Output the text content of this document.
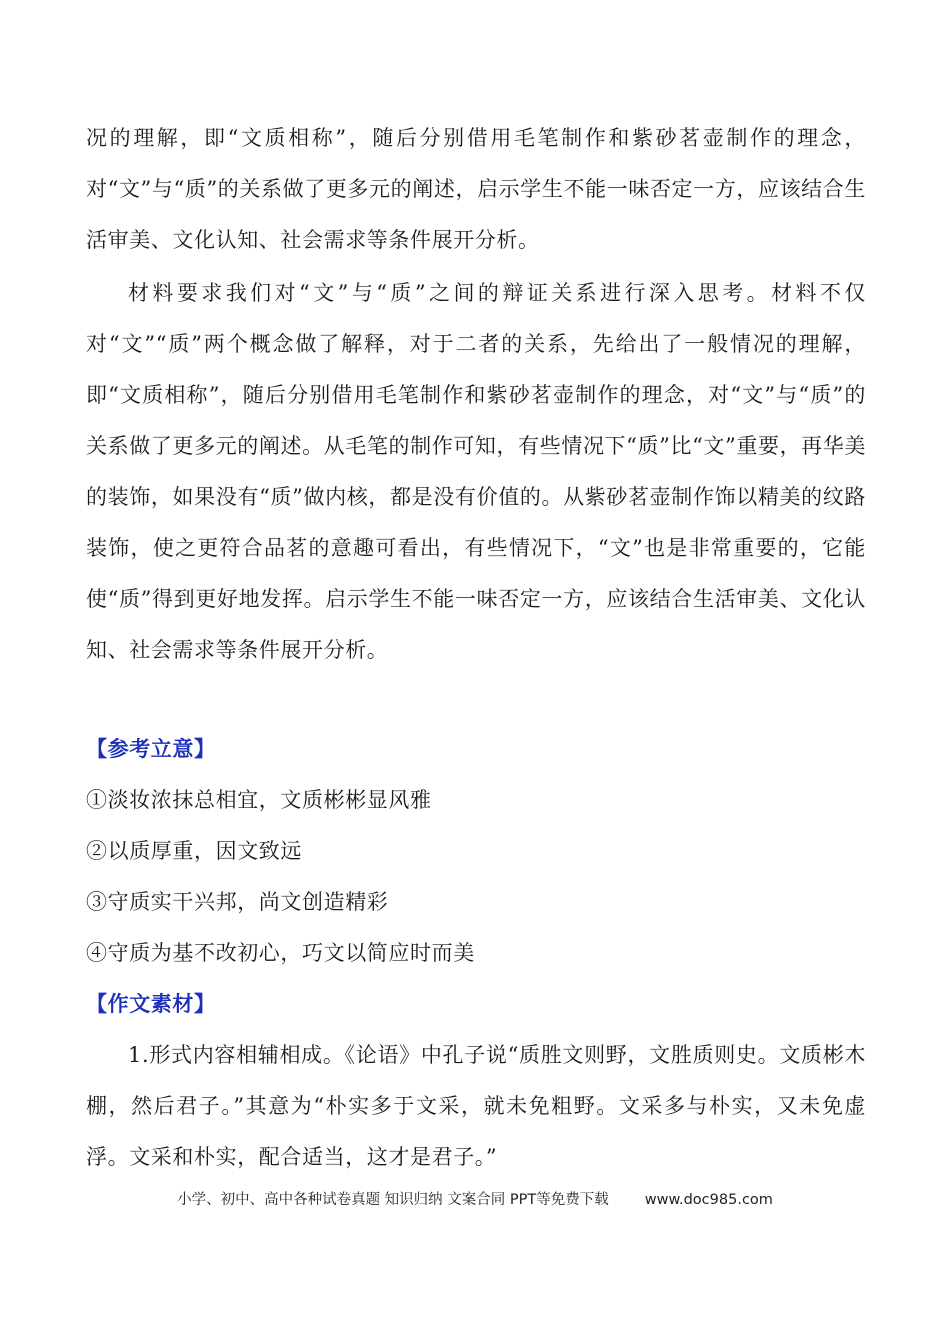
况的理解，即“文质相称”，随后分别借用毛笔制作和紫砂茗壶制作的理念，对“文”与“质”的关系做了更多元的阐述，启示学生不能一味否定一方，应该结合生活审美、文化认知、社会需求等条件展开分析。

材料要求我们对“文”与“质”之间的辩证关系进行深入思考。材料不仅对“文”“质”两个概念做了解释，对于二者的关系，先给出了一般情况的理解，即“文质相称”，随后分别借用毛笔制作和紫砂茗壶制作的理念，对“文”与“质”的关系做了更多元的阐述。从毛笔的制作可知，有些情况下“质”比“文”重要，再华美的装饰，如果没有“质”做内核，都是没有价值的。从紫砂茗壶制作饰以精美的纹路装饰，使之更符合品茗的意趣可看出，有些情况下，“文”也是非常重要的，它能使“质”得到更好地发挥。启示学生不能一味否定一方，应该结合生活审美、文化认知、社会需求等条件展开分析。

【参考立意】

①淡妆浓抹总相宜，文质彬彬显风雅

②以质厚重，因文致远

③守质实干兴邦，尚文创造精彩

④守质为基不改初心，巧文以简应时而美

【作文素材】

1.形式内容相辅相成。《论语》中孔子说“质胜文则野，文胜质则史。文质彬木棚，然后君子。”其意为“朴实多于文采，就未免粗野。文采多与朴实，又未免虚浮。文采和朴实，配合适当，这才是君子。”

小学、初中、高中各种试卷真题 知识归纳 文案合同 PPT等免费下载 www.doc985.com
